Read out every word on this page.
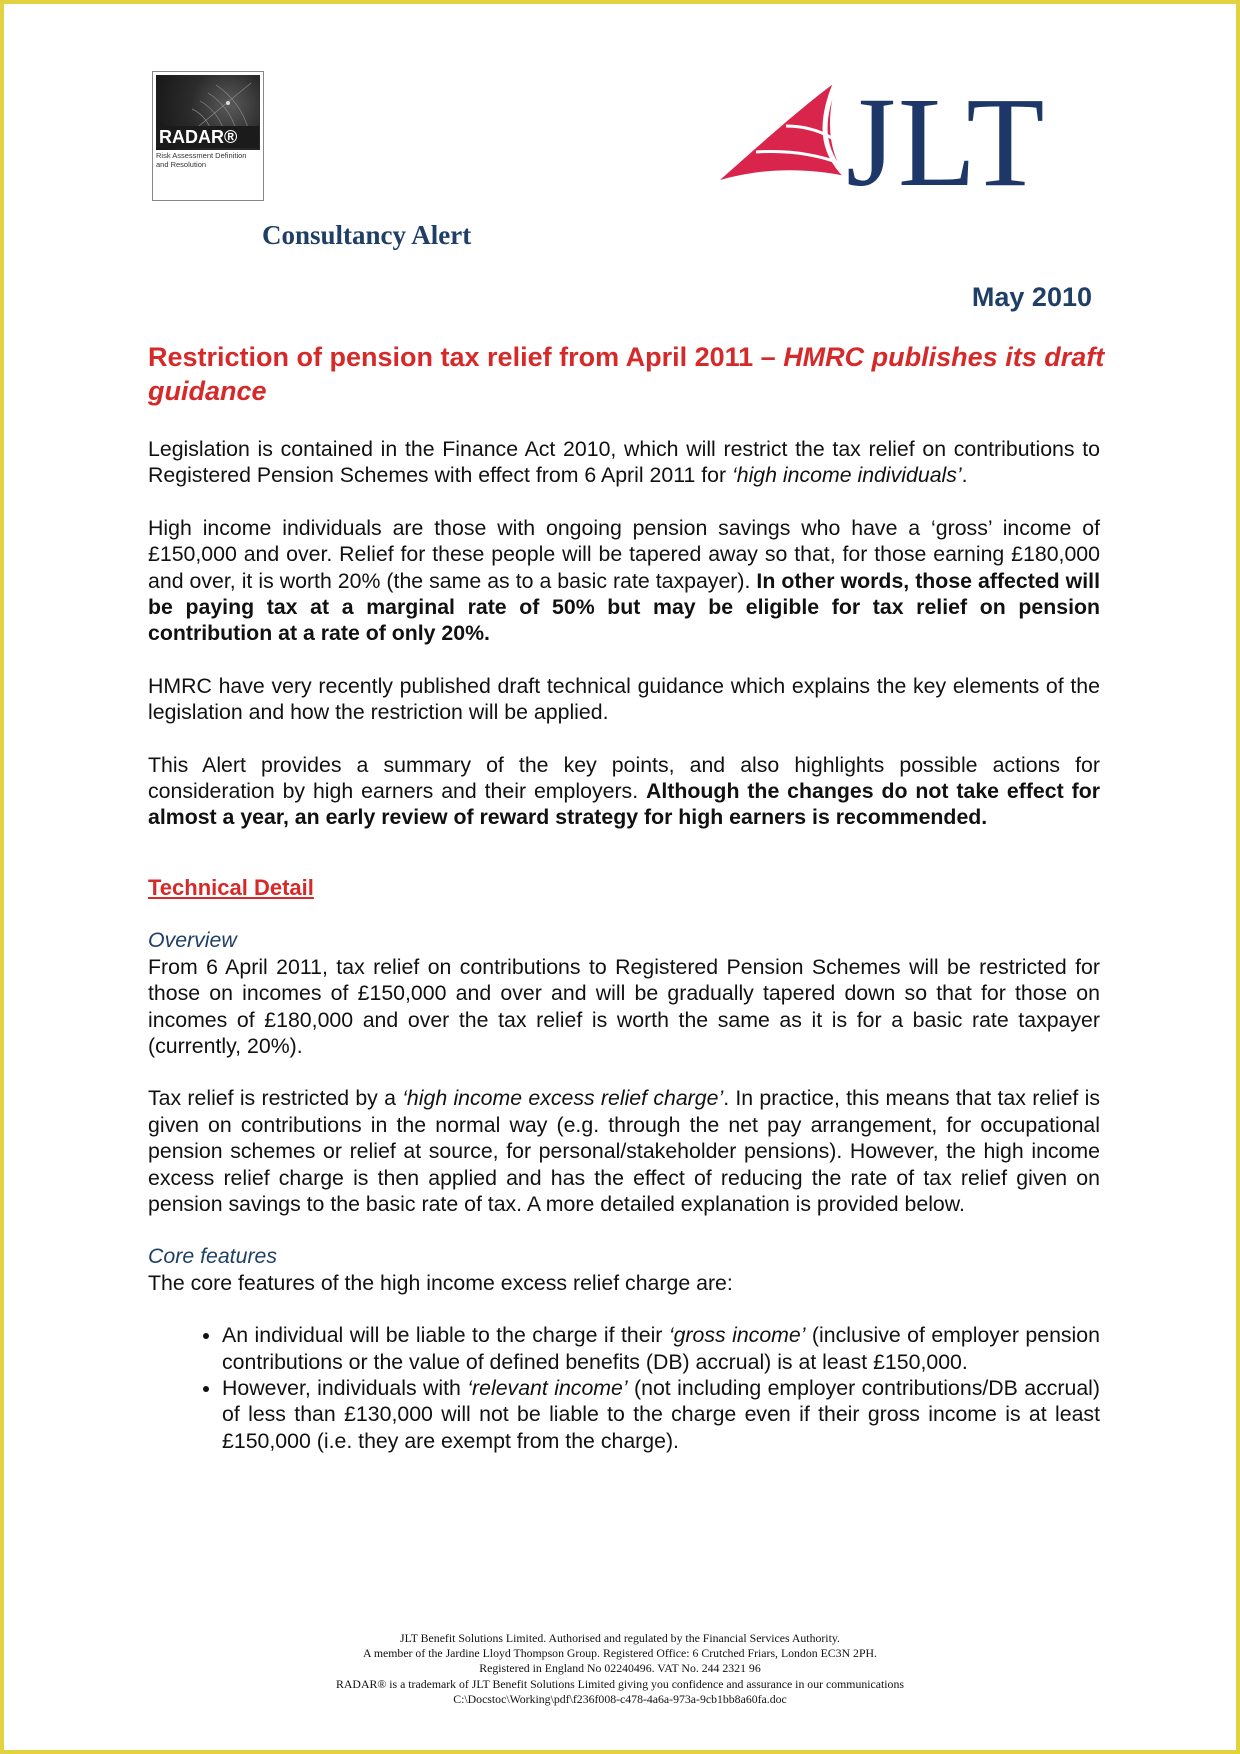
RADAR®
Risk Assessment Definition and Resolution
Consultancy Alert
JLT
May 2010
Restriction of pension tax relief from April 2011 – HMRC publishes its draft guidance

Legislation is contained in the Finance Act 2010, which will restrict the tax relief on contributions to Registered Pension Schemes with effect from 6 April 2011 for ‘high income individuals’.

High income individuals are those with ongoing pension savings who have a ‘gross’ income of £150,000 and over. Relief for these people will be tapered away so that, for those earning £180,000 and over, it is worth 20% (the same as to a basic rate taxpayer). In other words, those affected will be paying tax at a marginal rate of 50% but may be eligible for tax relief on pension contribution at a rate of only 20%.

HMRC have very recently published draft technical guidance which explains the key elements of the legislation and how the restriction will be applied.

This Alert provides a summary of the key points, and also highlights possible actions for consideration by high earners and their employers. Although the changes do not take effect for almost a year, an early review of reward strategy for high earners is recommended.

Technical Detail
Overview

From 6 April 2011, tax relief on contributions to Registered Pension Schemes will be restricted for those on incomes of £150,000 and over and will be gradually tapered down so that for those on incomes of £180,000 and over the tax relief is worth the same as it is for a basic rate taxpayer (currently, 20%).

Tax relief is restricted by a ‘high income excess relief charge’. In practice, this means that tax relief is given on contributions in the normal way (e.g. through the net pay arrangement, for occupational pension schemes or relief at source, for personal/stakeholder pensions). However, the high income excess relief charge is then applied and has the effect of reducing the rate of tax relief given on pension savings to the basic rate of tax. A more detailed explanation is provided below.

Core features

The core features of the high income excess relief charge are:

• An individual will be liable to the charge if their ‘gross income’ (inclusive of employer pension contributions or the value of defined benefits (DB) accrual) is at least £150,000.
• However, individuals with ‘relevant income’ (not including employer contributions/DB accrual) of less than £130,000 will not be liable to the charge even if their gross income is at least £150,000 (i.e. they are exempt from the charge).
JLT Benefit Solutions Limited. Authorised and regulated by the Financial Services Authority.
A member of the Jardine Lloyd Thompson Group. Registered Office: 6 Crutched Friars, London EC3N 2PH.
Registered in England No 02240496. VAT No. 244 2321 96
RADAR® is a trademark of JLT Benefit Solutions Limited giving you confidence and assurance in our communications
C:\Docstoc\Working\pdf\f236f008-c478-4a6a-973a-9cb1bb8a60fa.doc
